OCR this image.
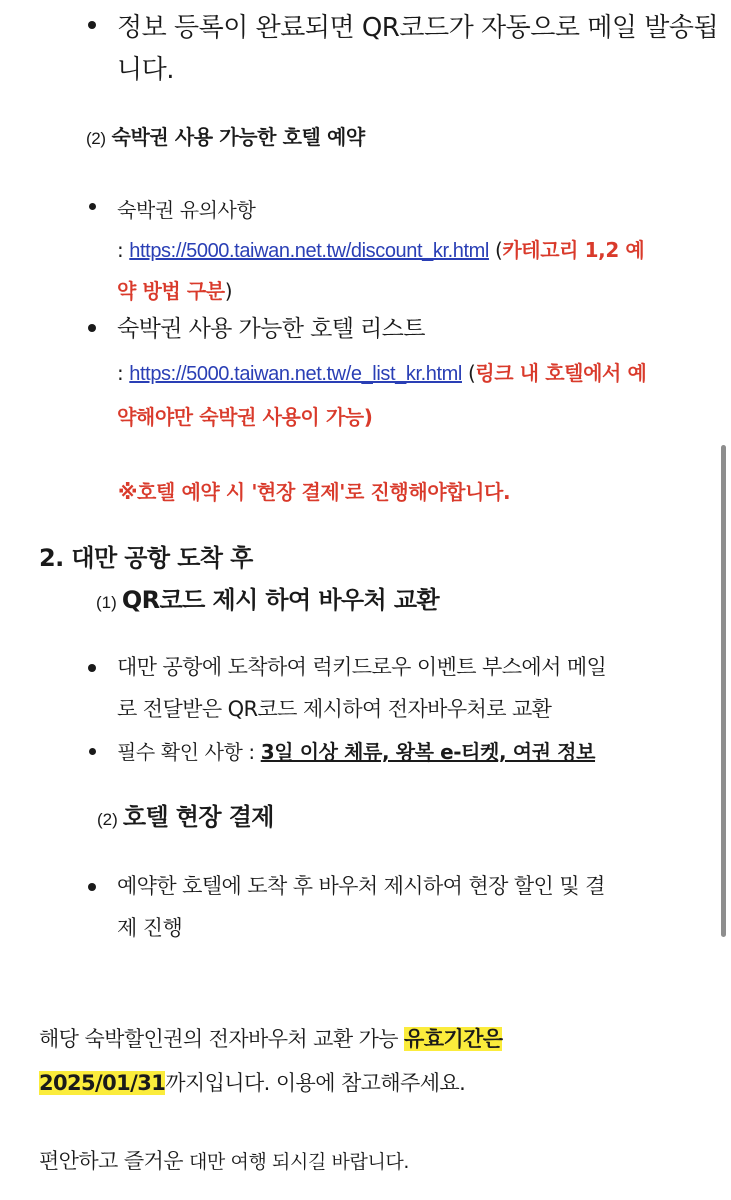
정보 등록이 완료되면 QR코드가 자동으로 메일 발송됩
니다.
(2) 숙박권 사용 가능한 호텔 예약
숙박권 유의사항
: https://5000.taiwan.net.tw/discount_kr.html (카테고리 1,2 예
약 방법 구분)
숙박권 사용 가능한 호텔 리스트
: https://5000.taiwan.net.tw/e_list_kr.html (링크 내 호텔에서 예
약해야만 숙박권 사용이 가능)
※호텔 예약 시 '현장 결제'로 진행해야합니다.
2. 대만 공항 도착 후
(1) QR코드 제시 하여 바우처 교환
대만 공항에 도착하여 럭키드로우 이벤트 부스에서 메일
로 전달받은 QR코드 제시하여 전자바우처로 교환
필수 확인 사항 : 3일 이상 체류, 왕복 e-티켓, 여권 정보
(2) 호텔 현장 결제
예약한 호텔에 도착 후 바우처 제시하여 현장 할인 및 결
제 진행
해당 숙박할인권의 전자바우처 교환 가능 유효기간은
2025/01/31까지입니다. 이용에 참고해주세요.
편안하고 즐거운 대만 여행 되시길 바랍니다.
